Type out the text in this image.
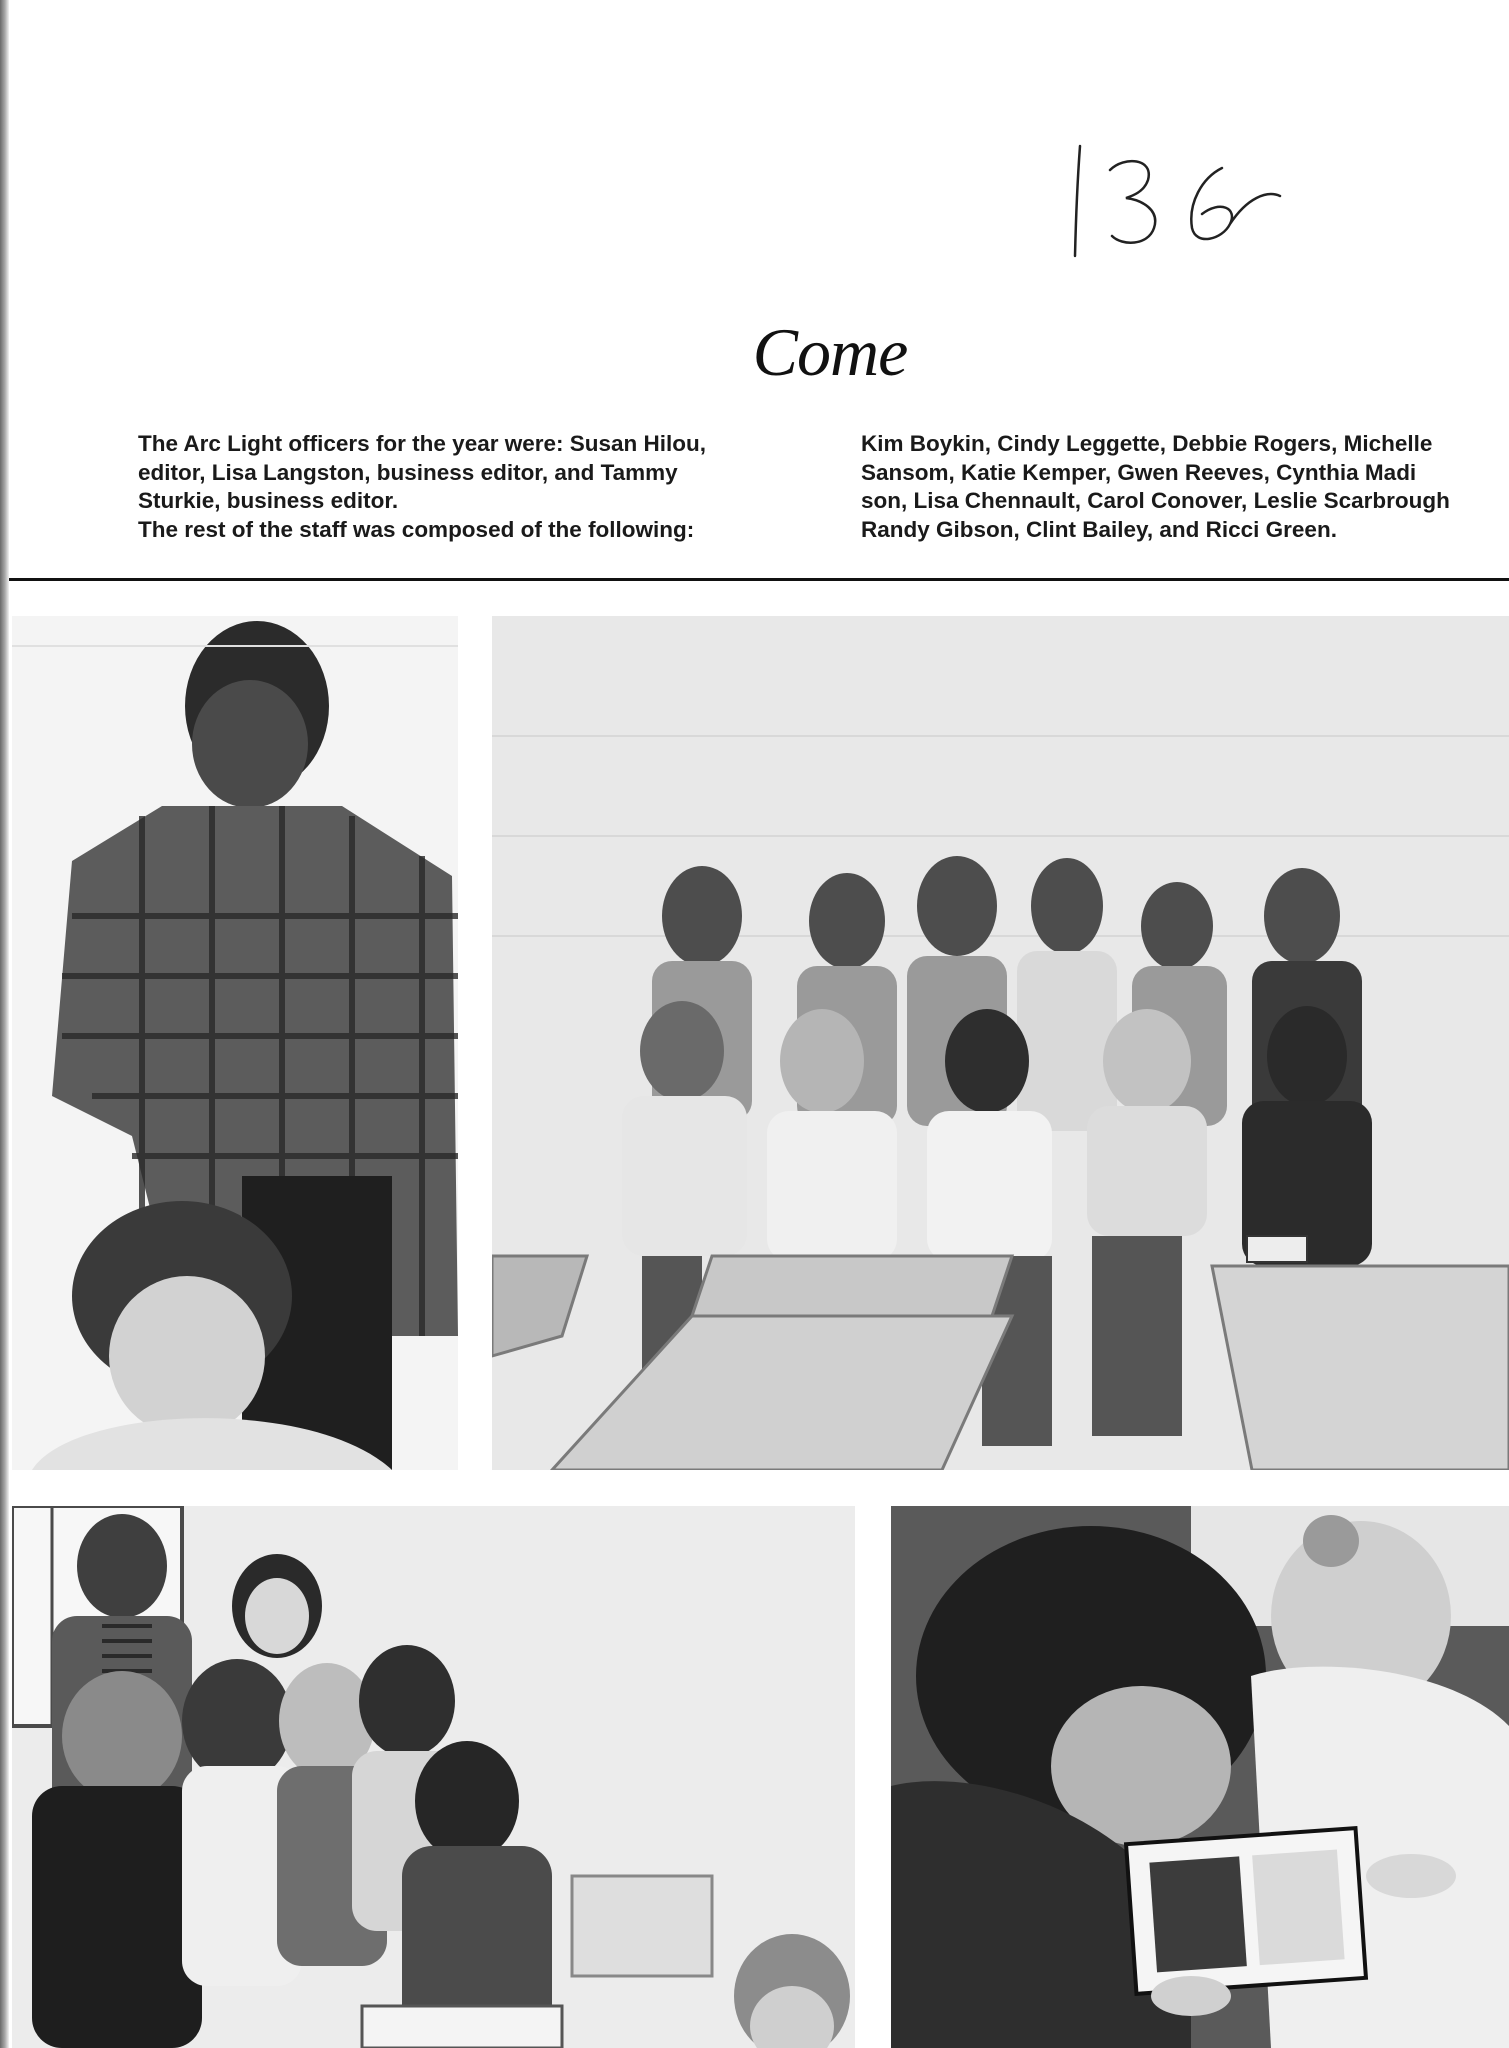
Come
The Arc Light officers for the year were: Susan Hilou,
editor, Lisa Langston, business editor, and Tammy
Sturkie, business editor.
The rest of the staff was composed of the following:
Kim Boykin, Cindy Leggette, Debbie Rogers, Michelle
Sansom, Katie Kemper, Gwen Reeves, Cynthia Madi
son, Lisa Chennault, Carol Conover, Leslie Scarbrough
Randy Gibson, Clint Bailey, and Ricci Green.
